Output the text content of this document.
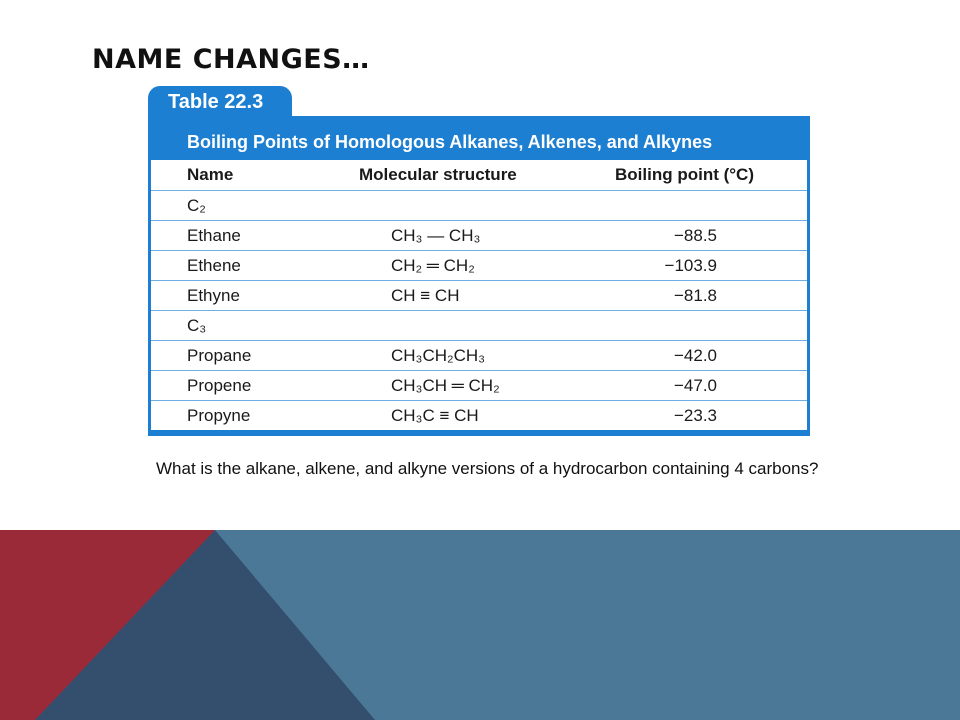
NAME CHANGES…
Table 22.3
Boiling Points of Homologous Alkanes, Alkenes, and Alkynes
Name	Molecular structure	Boiling point (°C)
C₂
Ethane	CH₃ — CH₃	−88.5
Ethene	CH₂ ═ CH₂	−103.9
Ethyne	CH ≡ CH	−81.8
C₃
Propane	CH₃CH₂CH₃	−42.0
Propene	CH₃CH ═ CH₂	−47.0
Propyne	CH₃C ≡ CH	−23.3

What is the alkane, alkene, and alkyne versions of a hydrocarbon containing 4 carbons?
